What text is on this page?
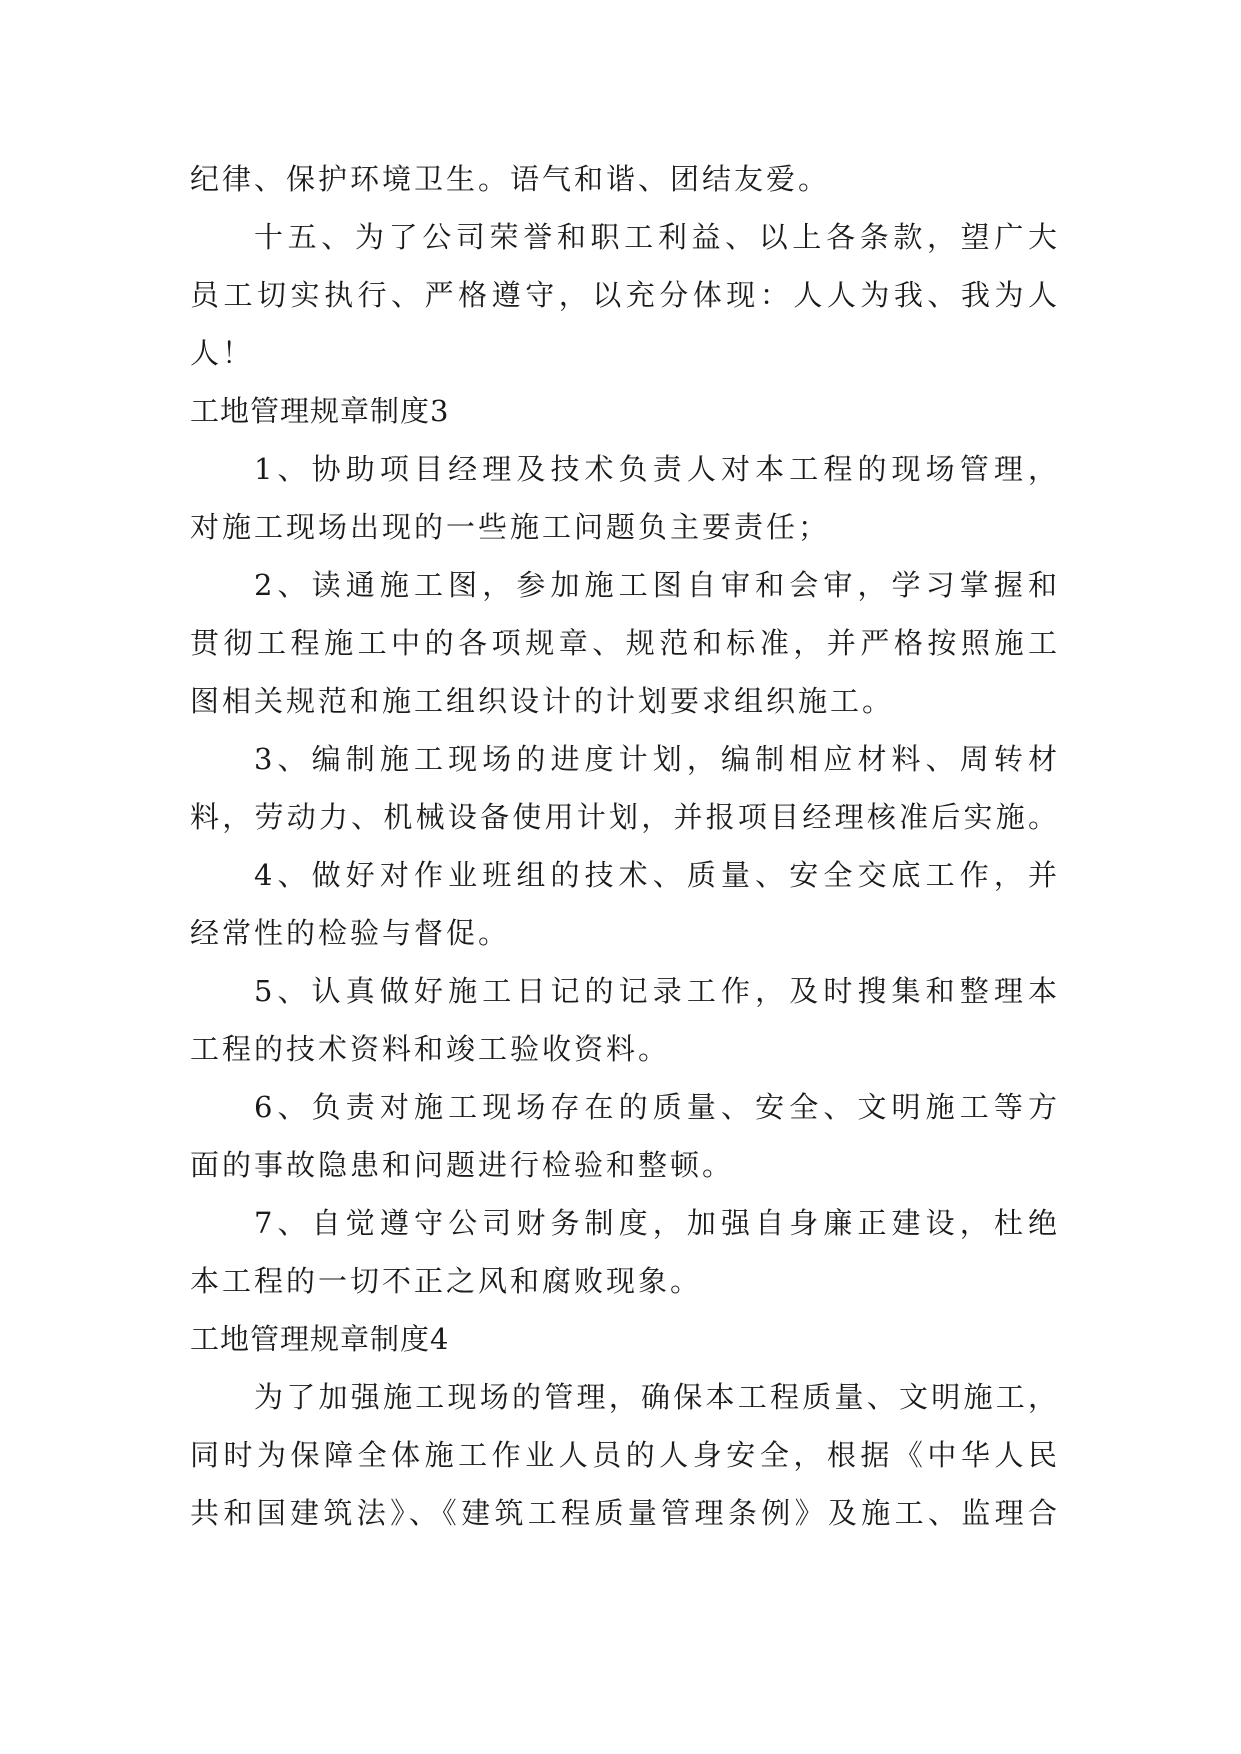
纪律、保护环境卫生。语气和谐、团结友爱。

十五、为了公司荣誉和职工利益、以上各条款，望广大

员工切实执行、严格遵守，以充分体现：人人为我、我为人

人！

工地管理规章制度3

1、协助项目经理及技术负责人对本工程的现场管理，

对施工现场出现的一些施工问题负主要责任；

2、读通施工图，参加施工图自审和会审，学习掌握和

贯彻工程施工中的各项规章、规范和标准，并严格按照施工

图相关规范和施工组织设计的计划要求组织施工。

3、编制施工现场的进度计划，编制相应材料、周转材

料，劳动力、机械设备使用计划，并报项目经理核准后实施。

4、做好对作业班组的技术、质量、安全交底工作，并

经常性的检验与督促。

5、认真做好施工日记的记录工作，及时搜集和整理本

工程的技术资料和竣工验收资料。

6、负责对施工现场存在的质量、安全、文明施工等方

面的事故隐患和问题进行检验和整顿。

7、自觉遵守公司财务制度，加强自身廉正建设，杜绝

本工程的一切不正之风和腐败现象。

工地管理规章制度4

为了加强施工现场的管理，确保本工程质量、文明施工，

同时为保障全体施工作业人员的人身安全，根据《中华人民

共和国建筑法》、《建筑工程质量管理条例》及施工、监理合
